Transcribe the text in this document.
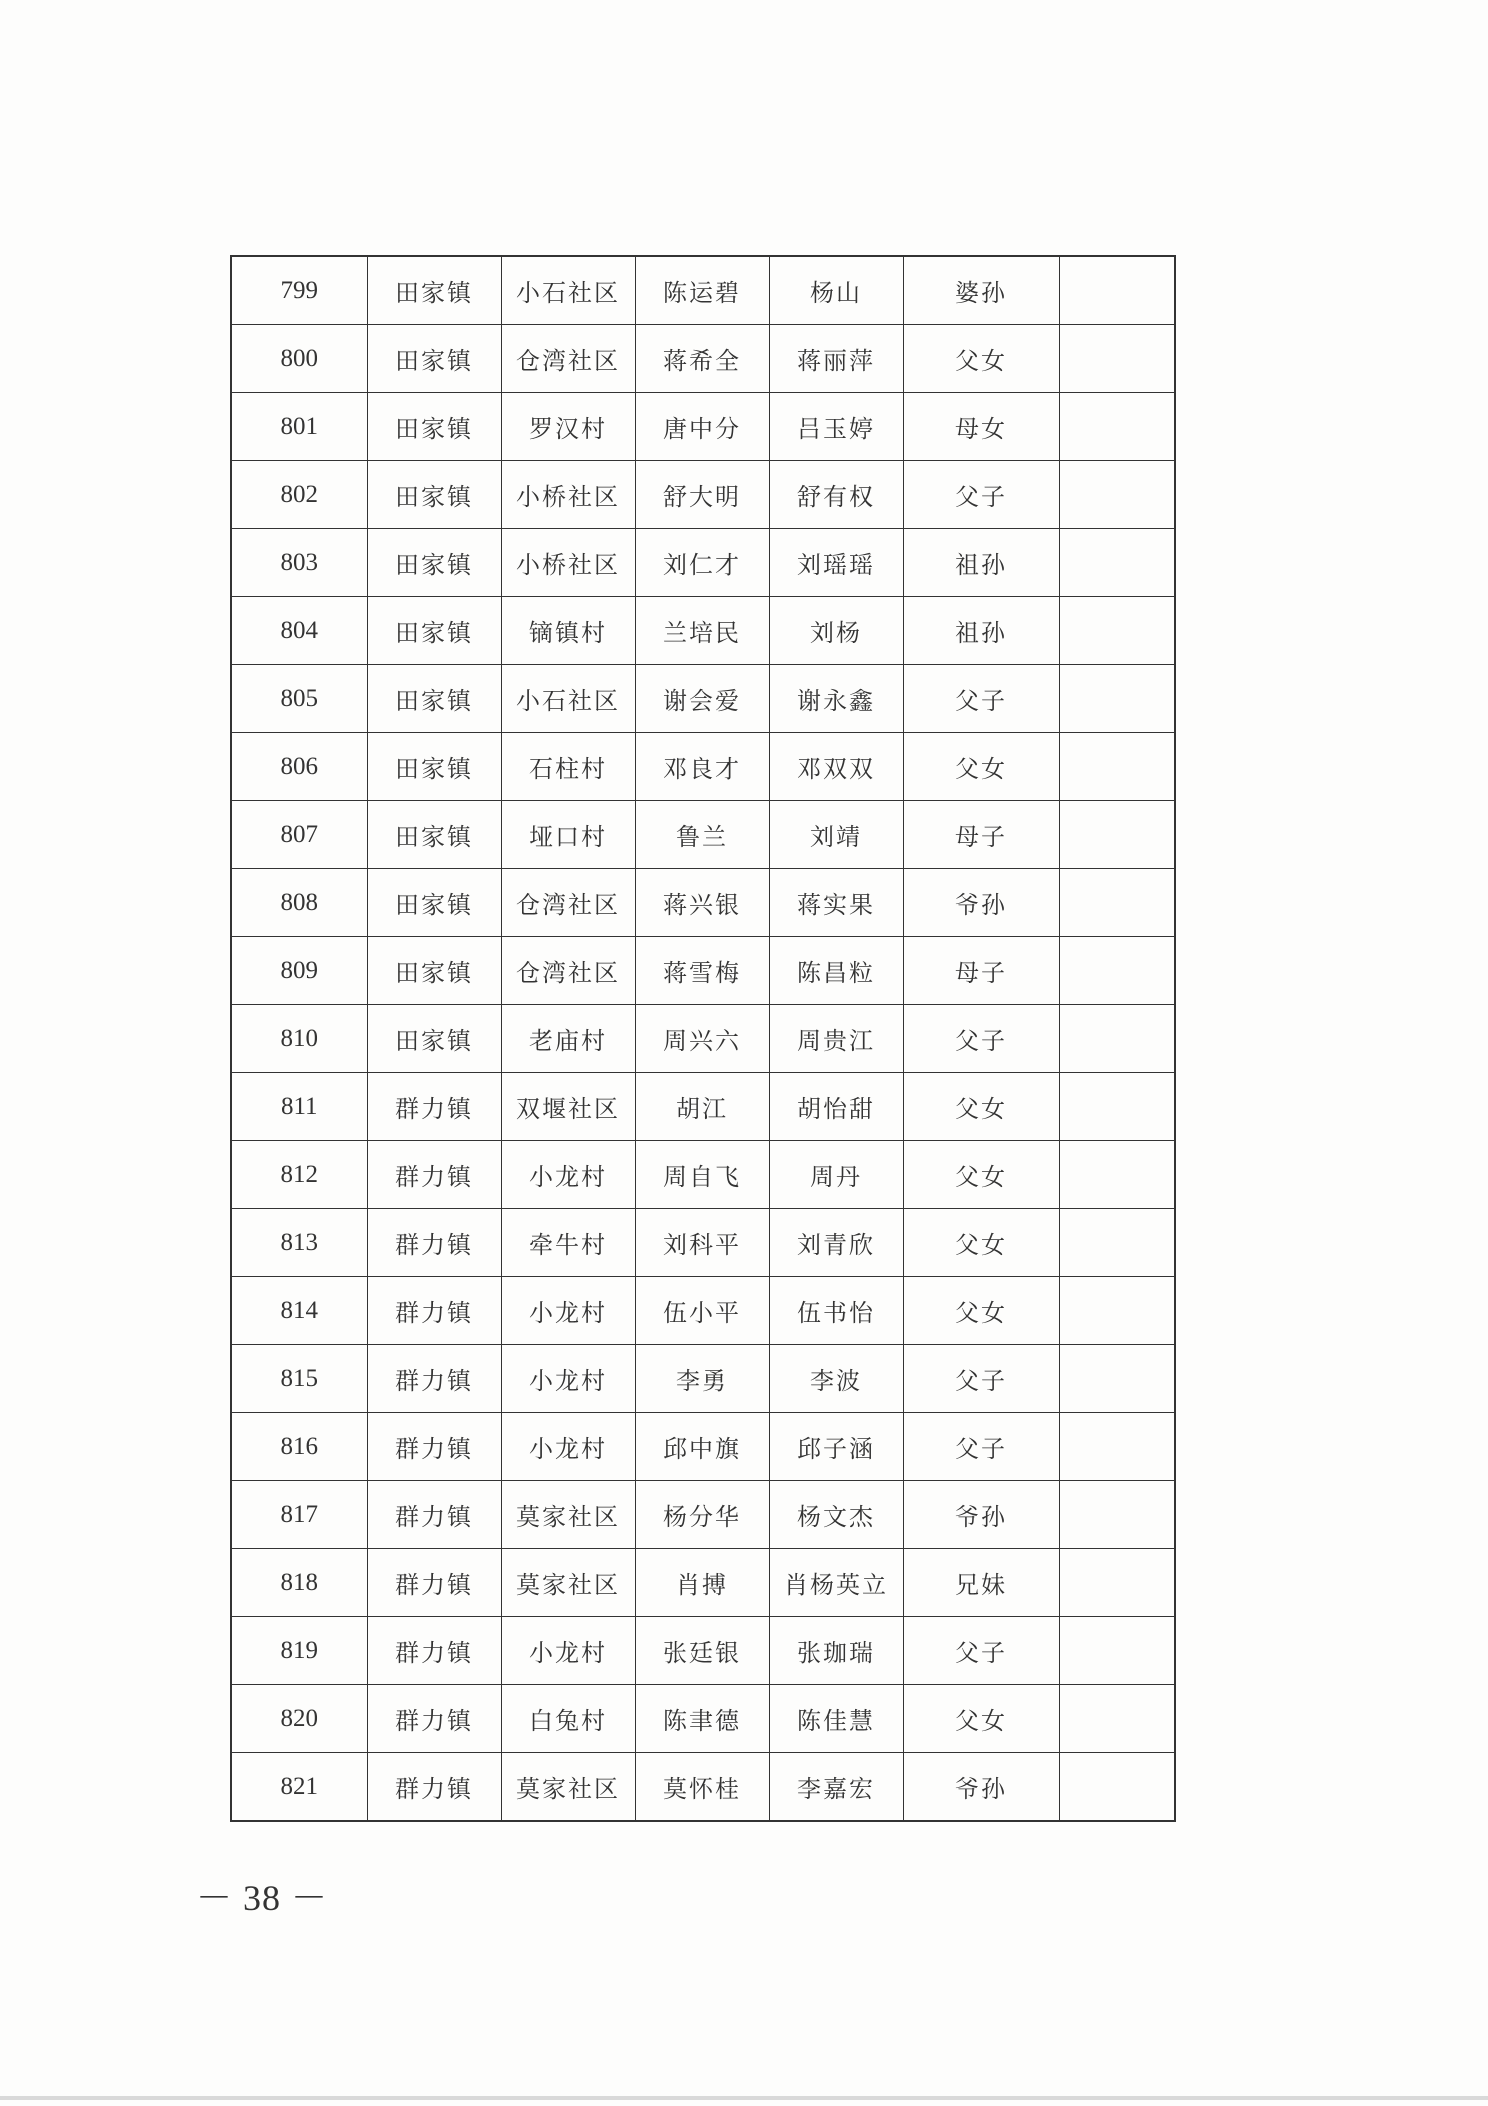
799	田家镇	小石社区	陈运碧	杨山	婆孙	
800	田家镇	仓湾社区	蒋希全	蒋丽萍	父女	
801	田家镇	罗汉村	唐中分	吕玉婷	母女	
802	田家镇	小桥社区	舒大明	舒有权	父子	
803	田家镇	小桥社区	刘仁才	刘瑶瑶	祖孙	
804	田家镇	镝镇村	兰培民	刘杨	祖孙	
805	田家镇	小石社区	谢会爱	谢永鑫	父子	
806	田家镇	石柱村	邓良才	邓双双	父女	
807	田家镇	垭口村	鲁兰	刘靖	母子	
808	田家镇	仓湾社区	蒋兴银	蒋实果	爷孙	
809	田家镇	仓湾社区	蒋雪梅	陈昌粒	母子	
810	田家镇	老庙村	周兴六	周贵江	父子	
811	群力镇	双堰社区	胡江	胡怡甜	父女	
812	群力镇	小龙村	周自飞	周丹	父女	
813	群力镇	牵牛村	刘科平	刘青欣	父女	
814	群力镇	小龙村	伍小平	伍书怡	父女	
815	群力镇	小龙村	李勇	李波	父子	
816	群力镇	小龙村	邱中旗	邱子涵	父子	
817	群力镇	莫家社区	杨分华	杨文杰	爷孙	
818	群力镇	莫家社区	肖搏	肖杨英立	兄妹	
819	群力镇	小龙村	张廷银	张珈瑞	父子	
820	群力镇	白兔村	陈聿德	陈佳慧	父女	
821	群力镇	莫家社区	莫怀桂	李嘉宏	爷孙	
－ 38 －
